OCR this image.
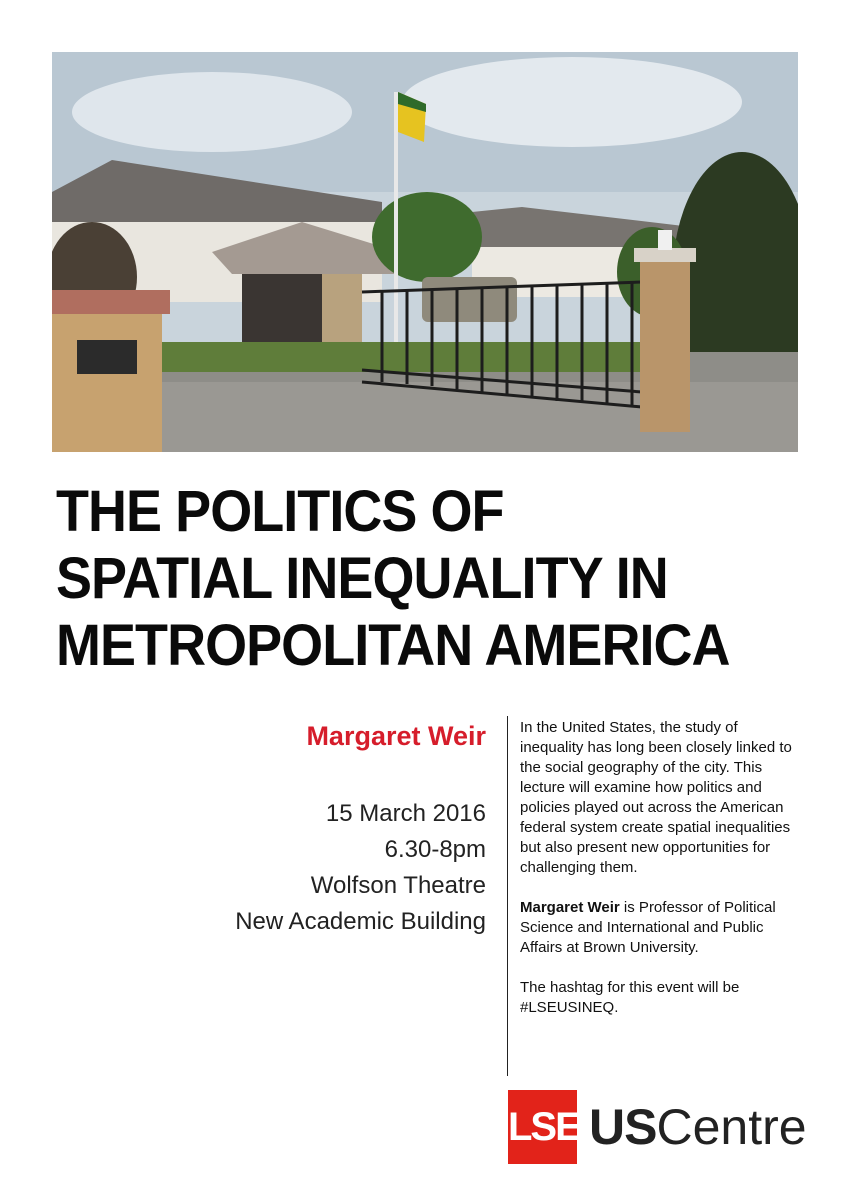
THE POLITICS OF
SPATIAL INEQUALITY IN
METROPOLITAN AMERICA

Margaret Weir

15 March 2016

6.30-8pm

Wolfson Theatre

New Academic Building

In the United States, the study of inequality has long been closely linked to the social geography of the city. This lecture will examine how politics and policies played out across the American federal system create spatial inequalities but also present new opportunities for challenging them.

Margaret Weir is Professor of Political Science and International and Public Affairs at Brown University.

The hashtag for this event will be #LSEUSINEQ.

LSE USCentre
